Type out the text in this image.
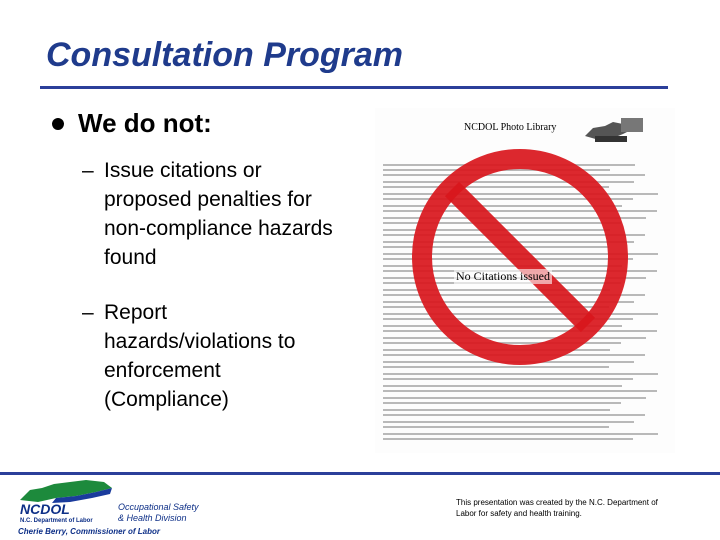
Consultation Program
We do not:
– Issue citations or proposed penalties for non-compliance hazards found
– Report hazards/violations to enforcement (Compliance)
NCDOL Photo Library
No Citations issued
NCDOL
N.C. Department of Labor
Occupational Safety
& Health Division
Cherie Berry, Commissioner of Labor
This presentation was created by the N.C. Department of Labor for safety and health training.
